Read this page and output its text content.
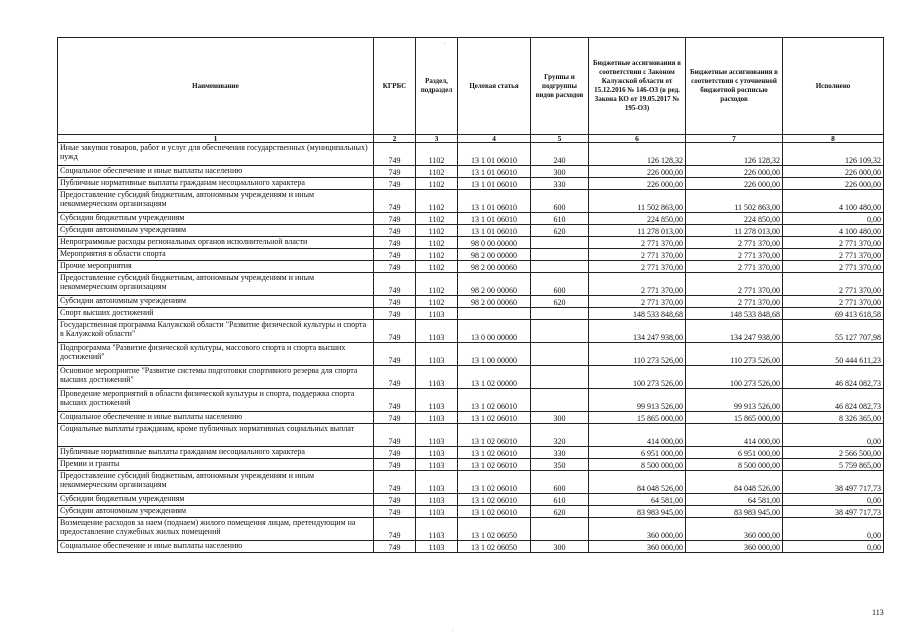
Наименование	КГРБС	Раздел, подраздел	Целевая статья	Группы и подгруппы видов расходов	Бюджетные ассигнования в соответствии с Законом Калужской области от 15.12.2016 № 146-ОЗ (в ред. Закона КО от 19.05.2017 № 195-ОЗ)	Бюджетные ассигнования в соответствии с уточненной бюджетной росписью расходов	Исполнено
1	2	3	4	5	6	7	8
Иные закупки товаров, работ и услуг для обеспечения государственных (муниципальных) нужд	749	1102	13 1 01 06010	240	126 128,32	126 128,32	126 109,32
Социальное обеспечение и иные выплаты населению	749	1102	13 1 01 06010	300	226 000,00	226 000,00	226 000,00
Публичные нормативные выплаты гражданам несоциального характера	749	1102	13 1 01 06010	330	226 000,00	226 000,00	226 000,00
Предоставление субсидий бюджетным, автономным учреждениям и иным некоммерческим организациям	749	1102	13 1 01 06010	600	11 502 863,00	11 502 863,00	4 100 480,00
Субсидии бюджетным учреждениям	749	1102	13 1 01 06010	610	224 850,00	224 850,00	0,00
Субсидии автономным учреждениям	749	1102	13 1 01 06010	620	11 278 013,00	11 278 013,00	4 100 480,00
Непрограммные расходы региональных органов исполнительной власти	749	1102	98 0 00 00000		2 771 370,00	2 771 370,00	2 771 370,00
Мероприятия в области спорта	749	1102	98 2 00 00000		2 771 370,00	2 771 370,00	2 771 370,00
Прочие мероприятия	749	1102	98 2 00 00060		2 771 370,00	2 771 370,00	2 771 370,00
Предоставление субсидий бюджетным, автономным учреждениям и иным некоммерческим организациям	749	1102	98 2 00 00060	600	2 771 370,00	2 771 370,00	2 771 370,00
Субсидии автономным учреждениям	749	1102	98 2 00 00060	620	2 771 370,00	2 771 370,00	2 771 370,00
Спорт высших достижений	749	1103			148 533 848,68	148 533 848,68	69 413 618,58
Государственная программа Калужской области "Развитие физической культуры и спорта в Калужской области"	749	1103	13 0 00 00000		134 247 938,00	134 247 938,00	55 127 707,98
Подпрограмма "Развитие физической культуры, массового спорта и спорта высших достижений"	749	1103	13 1 00 00000		110 273 526,00	110 273 526,00	50 444 611,23
Основное мероприятие "Развитие системы подготовки спортивного резерва для спорта высших достижений"	749	1103	13 1 02 00000		100 273 526,00	100 273 526,00	46 824 082,73
Проведение мероприятий в области физической культуры и спорта, поддержка спорта высших достижений	749	1103	13 1 02 06010		99 913 526,00	99 913 526,00	46 824 082,73
Социальное обеспечение и иные выплаты населению	749	1103	13 1 02 06010	300	15 865 000,00	15 865 000,00	8 326 365,00
Социальные выплаты гражданам, кроме публичных нормативных социальных выплат	749	1103	13 1 02 06010	320	414 000,00	414 000,00	0,00
Публичные нормативные выплаты гражданам несоциального характера	749	1103	13 1 02 06010	330	6 951 000,00	6 951 000,00	2 566 500,00
Премии и гранты	749	1103	13 1 02 06010	350	8 500 000,00	8 500 000,00	5 759 865,00
Предоставление субсидий бюджетным, автономным учреждениям и иным некоммерческим организациям	749	1103	13 1 02 06010	600	84 048 526,00	84 048 526,00	38 497 717,73
Субсидии бюджетным учреждениям	749	1103	13 1 02 06010	610	64 581,00	64 581,00	0,00
Субсидии автономным учреждениям	749	1103	13 1 02 06010	620	83 983 945,00	83 983 945,00	38 497 717,73
Возмещение расходов за наем (поднаем) жилого помещения лицам, претендующим на предоставление служебных жилых помещений	749	1103	13 1 02 06050		360 000,00	360 000,00	0,00
Социальное обеспечение и иные выплаты населению	749	1103	13 1 02 06050	300	360 000,00	360 000,00	0,00
113
·
·
